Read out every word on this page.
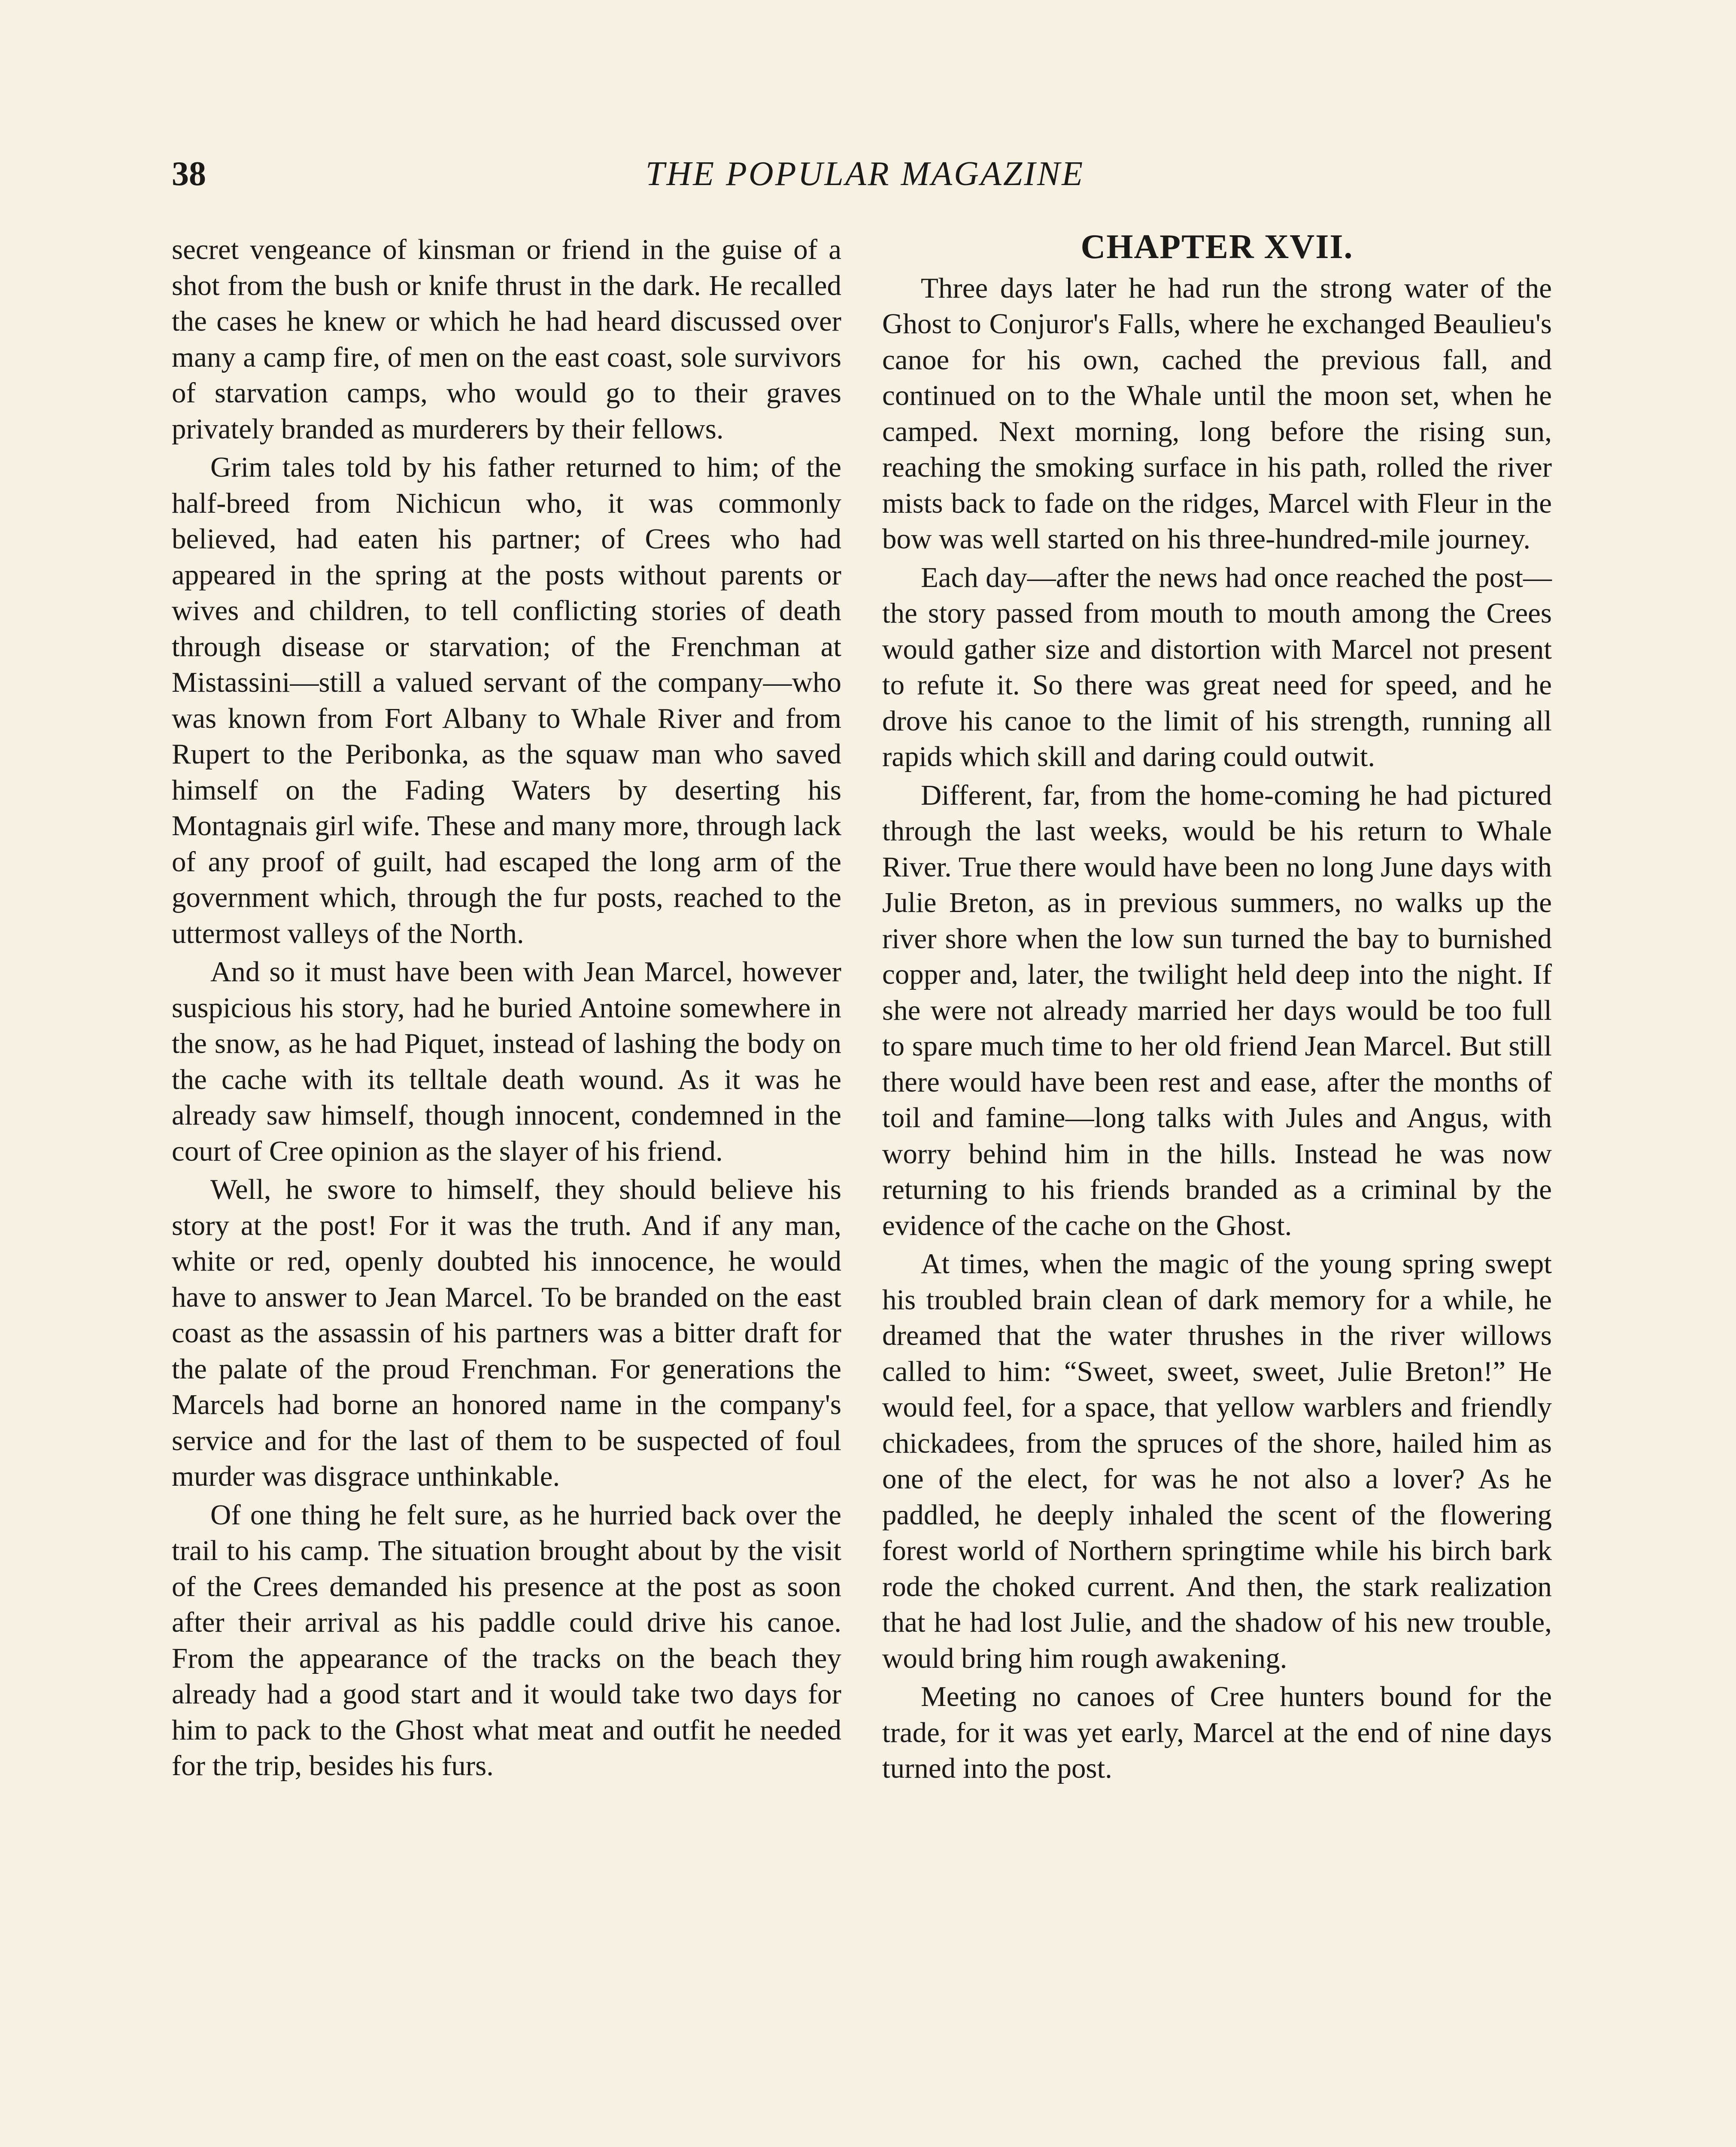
38	THE POPULAR MAGAZINE

secret vengeance of kinsman or friend in the guise of a shot from the bush or knife thrust in the dark. He recalled the cases he knew or which he had heard discussed over many a camp fire, of men on the east coast, sole survivors of starvation camps, who would go to their graves privately branded as murderers by their fellows.

Grim tales told by his father returned to him; of the half-breed from Nichicun who, it was commonly believed, had eaten his partner; of Crees who had appeared in the spring at the posts without parents or wives and children, to tell conflicting stories of death through disease or starvation; of the Frenchman at Mistassini—still a valued servant of the company—who was known from Fort Albany to Whale River and from Rupert to the Peribonka, as the squaw man who saved himself on the Fading Waters by deserting his Montagnais girl wife. These and many more, through lack of any proof of guilt, had escaped the long arm of the government which, through the fur posts, reached to the uttermost valleys of the North.

And so it must have been with Jean Marcel, however suspicious his story, had he buried Antoine somewhere in the snow, as he had Piquet, instead of lashing the body on the cache with its telltale death wound. As it was he already saw himself, though innocent, condemned in the court of Cree opinion as the slayer of his friend.

Well, he swore to himself, they should believe his story at the post! For it was the truth. And if any man, white or red, openly doubted his innocence, he would have to answer to Jean Marcel. To be branded on the east coast as the assassin of his partners was a bitter draft for the palate of the proud Frenchman. For generations the Marcels had borne an honored name in the company's service and for the last of them to be suspected of foul murder was disgrace unthinkable.

Of one thing he felt sure, as he hurried back over the trail to his camp. The situation brought about by the visit of the Crees demanded his presence at the post as soon after their arrival as his paddle could drive his canoe. From the appearance of the tracks on the beach they already had a good start and it would take two days for him to pack to the Ghost what meat and outfit he needed for the trip, besides his furs.

CHAPTER XVII.

Three days later he had run the strong water of the Ghost to Conjuror's Falls, where he exchanged Beaulieu's canoe for his own, cached the previous fall, and continued on to the Whale until the moon set, when he camped. Next morning, long before the rising sun, reaching the smoking surface in his path, rolled the river mists back to fade on the ridges, Marcel with Fleur in the bow was well started on his three-hundred-mile journey.

Each day—after the news had once reached the post—the story passed from mouth to mouth among the Crees would gather size and distortion with Marcel not present to refute it. So there was great need for speed, and he drove his canoe to the limit of his strength, running all rapids which skill and daring could outwit.

Different, far, from the home-coming he had pictured through the last weeks, would be his return to Whale River. True there would have been no long June days with Julie Breton, as in previous summers, no walks up the river shore when the low sun turned the bay to burnished copper and, later, the twilight held deep into the night. If she were not already married her days would be too full to spare much time to her old friend Jean Marcel. But still there would have been rest and ease, after the months of toil and famine—long talks with Jules and Angus, with worry behind him in the hills. Instead he was now returning to his friends branded as a criminal by the evidence of the cache on the Ghost.

At times, when the magic of the young spring swept his troubled brain clean of dark memory for a while, he dreamed that the water thrushes in the river willows called to him: “Sweet, sweet, sweet, Julie Breton!” He would feel, for a space, that yellow warblers and friendly chickadees, from the spruces of the shore, hailed him as one of the elect, for was he not also a lover? As he paddled, he deeply inhaled the scent of the flowering forest world of Northern springtime while his birch bark rode the choked current. And then, the stark realization that he had lost Julie, and the shadow of his new trouble, would bring him rough awakening.

Meeting no canoes of Cree hunters bound for the trade, for it was yet early, Marcel at the end of nine days turned into the post.
